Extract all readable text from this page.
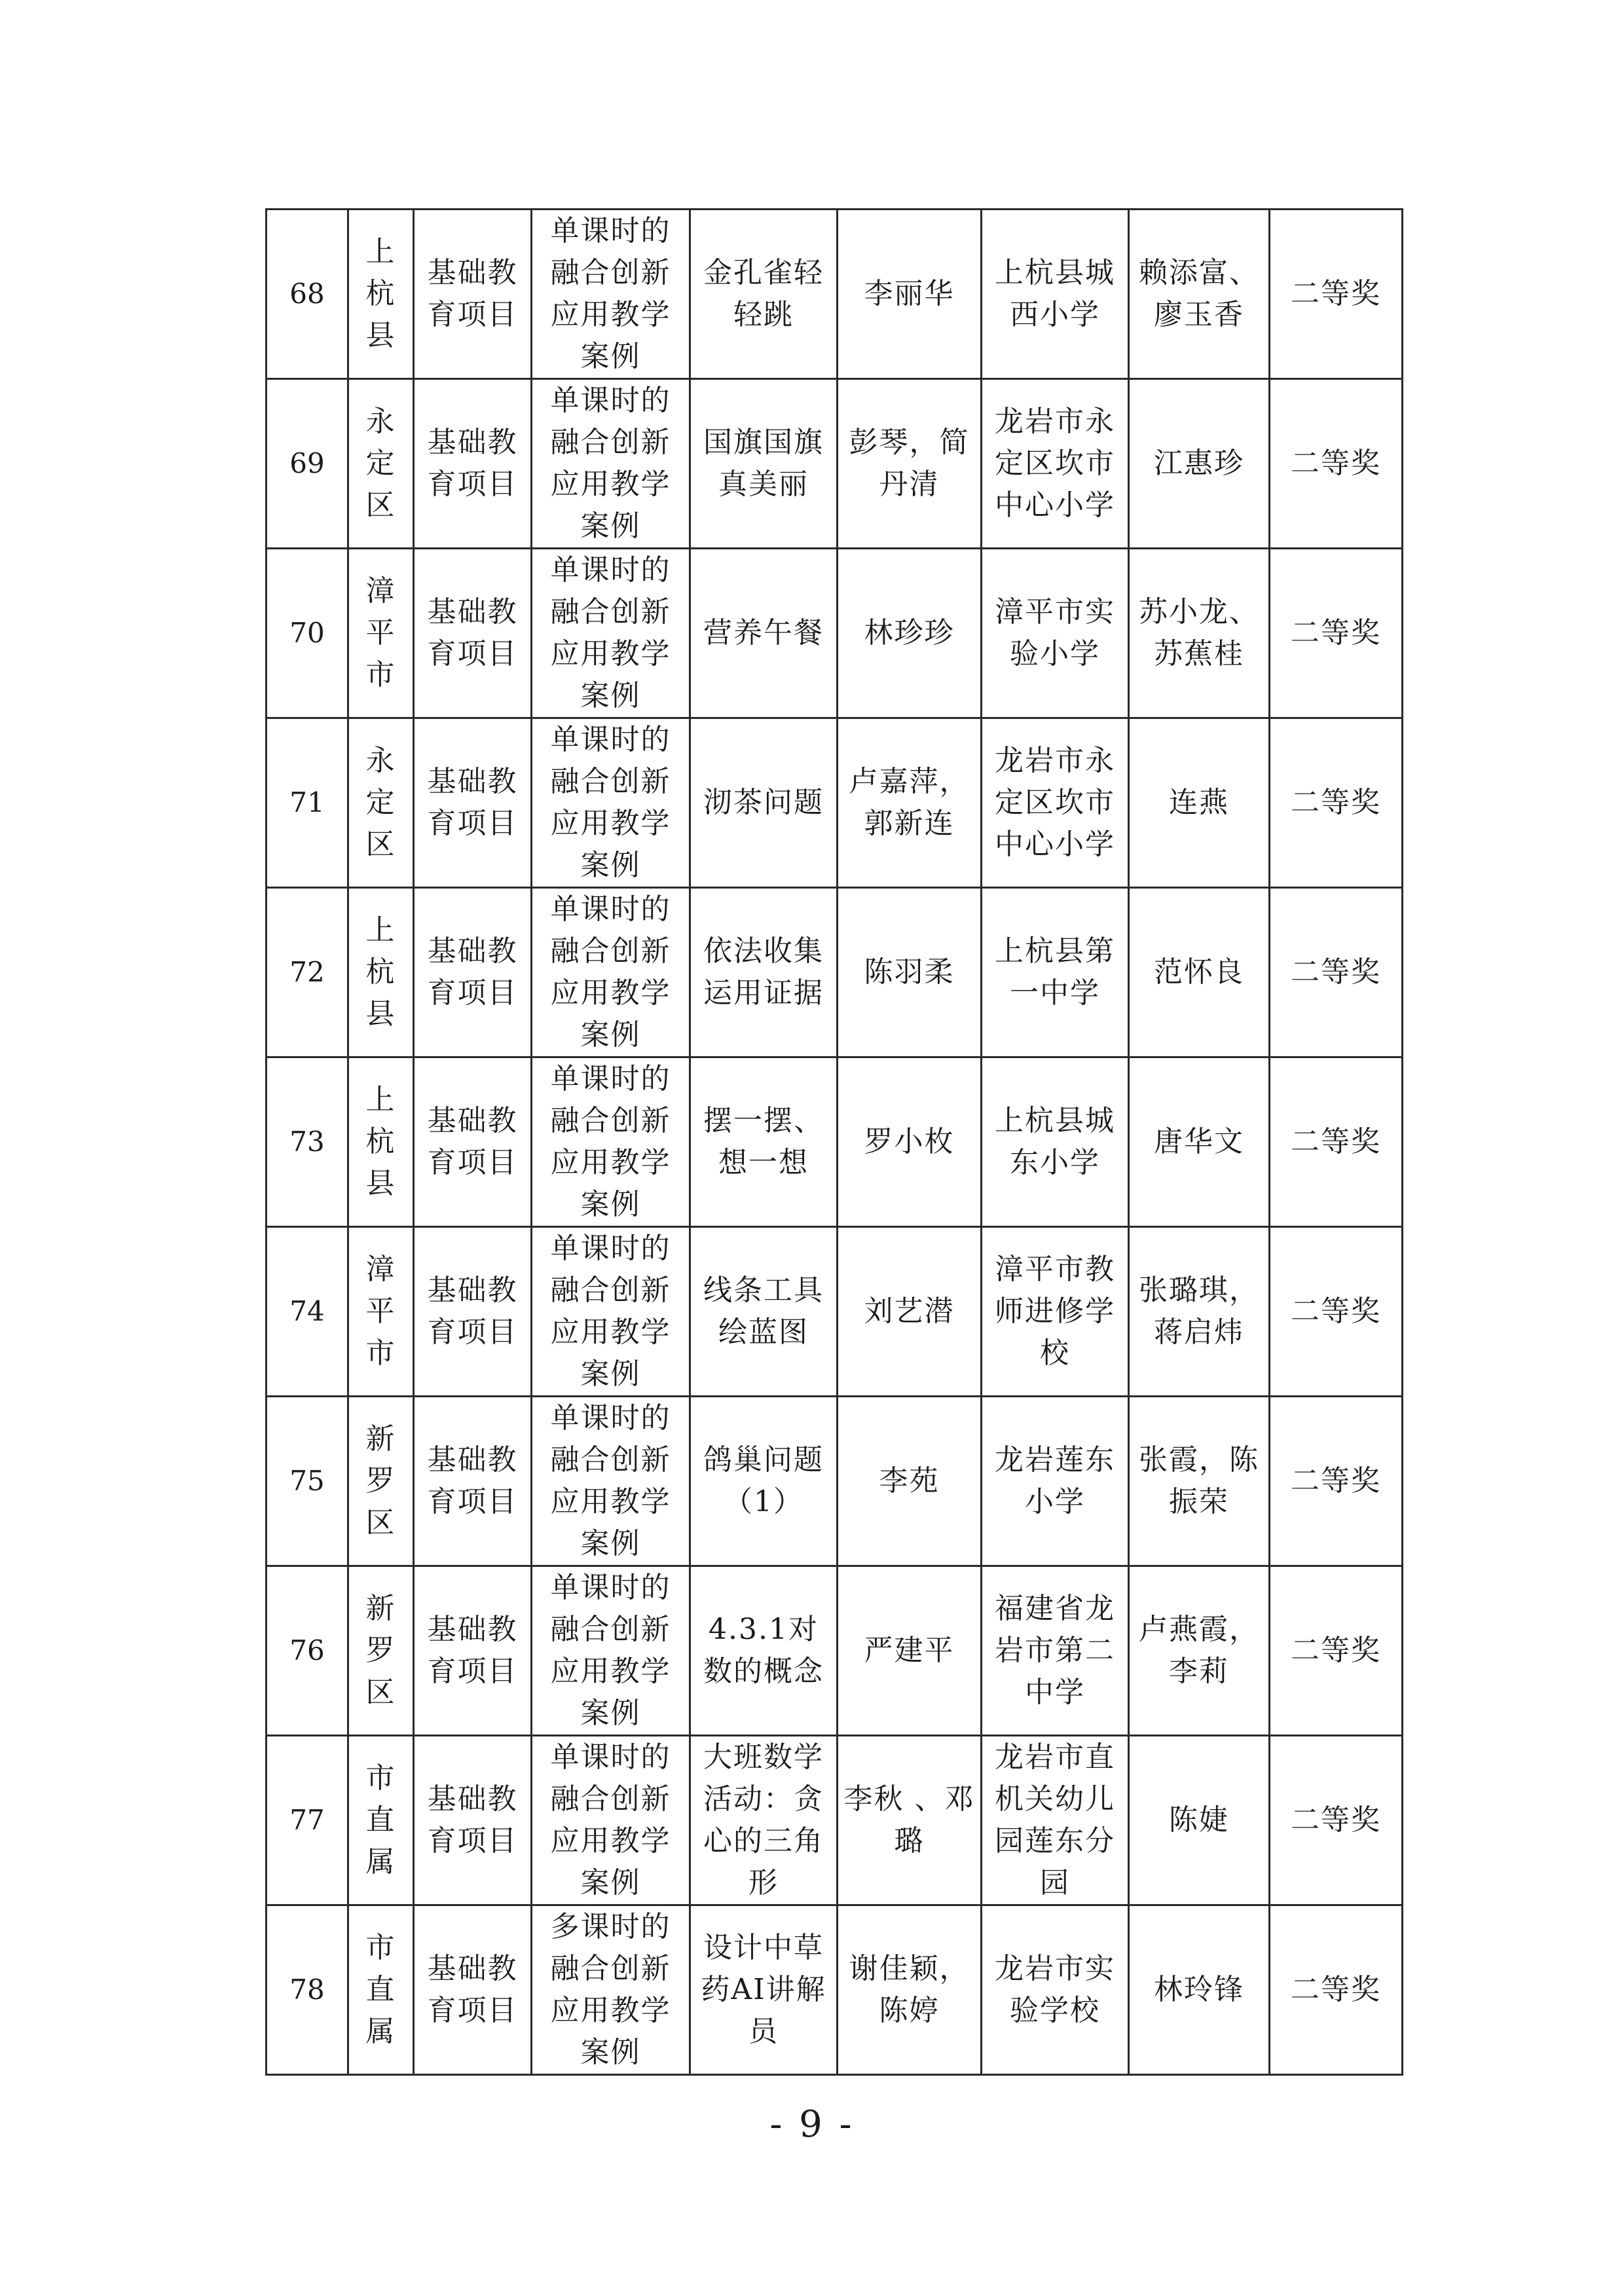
68	上杭县	基础教育项目	单课时的融合创新应用教学案例	金孔雀轻轻跳	李丽华	上杭县城西小学	赖添富、廖玉香	二等奖
69	永定区	基础教育项目	单课时的融合创新应用教学案例	国旗国旗真美丽	彭琴，简丹清	龙岩市永定区坎市中心小学	江惠珍	二等奖
70	漳平市	基础教育项目	单课时的融合创新应用教学案例	营养午餐	林珍珍	漳平市实验小学	苏小龙、苏蕉桂	二等奖
71	永定区	基础教育项目	单课时的融合创新应用教学案例	沏茶问题	卢嘉萍，郭新连	龙岩市永定区坎市中心小学	连燕	二等奖
72	上杭县	基础教育项目	单课时的融合创新应用教学案例	依法收集运用证据	陈羽柔	上杭县第一中学	范怀良	二等奖
73	上杭县	基础教育项目	单课时的融合创新应用教学案例	摆一摆、想一想	罗小枚	上杭县城东小学	唐华文	二等奖
74	漳平市	基础教育项目	单课时的融合创新应用教学案例	线条工具绘蓝图	刘艺潜	漳平市教师进修学校	张璐琪，蒋启炜	二等奖
75	新罗区	基础教育项目	单课时的融合创新应用教学案例	鸽巢问题（1）	李苑	龙岩莲东小学	张霞，陈振荣	二等奖
76	新罗区	基础教育项目	单课时的融合创新应用教学案例	4.3.1对数的概念	严建平	福建省龙岩市第二中学	卢燕霞，李莉	二等奖
77	市直属	基础教育项目	单课时的融合创新应用教学案例	大班数学活动：贪心的三角形	李秋 、邓璐	龙岩市直机关幼儿园莲东分园	陈婕	二等奖
78	市直属	基础教育项目	多课时的融合创新应用教学案例	设计中草药AI讲解员	谢佳颖，陈婷	龙岩市实验学校	林玲锋	二等奖
- 9 -
